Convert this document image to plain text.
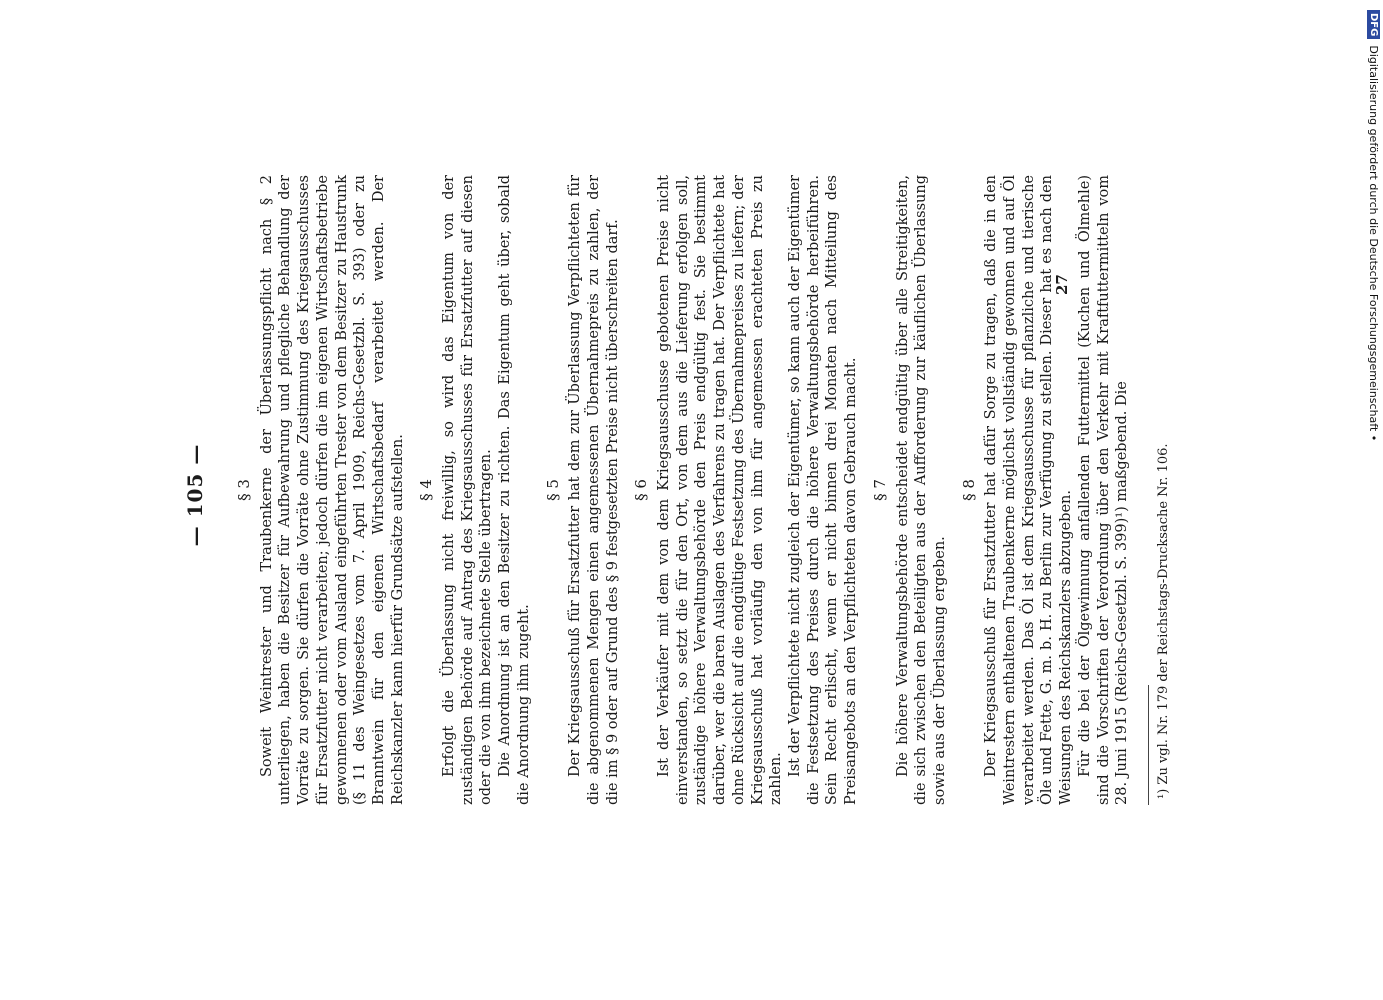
— 105 —	§ 3 Soweit Weintrester und Traubenkerne der Überlassungspflicht nach § 2 unterliegen, haben die Besitzer für Aufbewahrung und pflegliche Behandlung der Vorräte zu sorgen. Sie dürfen die Vorräte ohne Zustimmung des Kriegsausschusses für Ersatzfutter nicht verarbeiten; jedoch dürfen die im eigenen Wirtschaftsbetriebe gewonnenen oder vom Ausland eingeführten Trester von dem Besitzer zu Haustrunk (§ 11 des Weingesetzes vom 7. April 1909, Reichs-Gesetzbl. S. 393) oder zu Branntwein für den eigenen Wirtschaftsbedarf verarbeitet werden. Der Reichskanzler kann hierfür Grundsätze aufstellen. § 4 Erfolgt die Überlassung nicht freiwillig, so wird das Eigentum von der zuständigen Behörde auf Antrag des Kriegsausschusses für Ersatzfutter auf diesen oder die von ihm bezeichnete Stelle übertragen. Die Anordnung ist an den Besitzer zu richten. Das Eigentum geht über, sobald die Anordnung ihm zugeht.

§ 5 Der Kriegsausschuß für Ersatzfutter hat dem zur Überlassung Verpflichteten für die abgenommenen Mengen einen angemessenen Übernahmepreis zu zahlen, der die im § 9 oder auf Grund des § 9 festgesetzten Preise nicht überschreiten darf. § 6 Ist der Verkäufer mit dem von dem Kriegsausschusse gebotenen Preise nicht einverstanden, so setzt die für den Ort, von dem aus die Lieferung erfolgen soll, zuständige höhere Verwaltungsbehörde den Preis endgültig fest. Sie bestimmt darüber, wer die baren Auslagen des Verfahrens zu tragen hat. Der Verpflichtete hat ohne Rücksicht auf die endgültige Festsetzung des Übernahmepreises zu liefern; der Kriegsausschuß hat vorläufig den von ihm für angemessen erachteten Preis zu zahlen.

Ist der Verpflichtete nicht zugleich der Eigentümer, so kann auch der Eigentümer die Festsetzung des Preises durch die höhere Verwaltungsbehörde herbeiführen. Sein Recht erlischt, wenn er nicht binnen drei Monaten nach Mitteilung des Preisangebots an den Verpflichteten davon Gebrauch macht. § 7 Die höhere Verwaltungsbehörde entscheidet endgültig über alle Streitigkeiten, die sich zwischen den Beteiligten aus der Aufforderung zur käuflichen Überlassung sowie aus der Überlassung ergeben.

§ 8 Der Kriegsausschuß für Ersatzfutter hat dafür Sorge zu tragen, daß die in den Weintrestern enthaltenen Traubenkerne möglichst vollständig gewonnen und auf Öl verarbeitet werden. Das Öl ist dem Kriegsausschusse für pflanzliche und tierische Öle und Fette, G. m. b. H. zu Berlin zur Verfügung zu stellen. Dieser hat es nach den Weisungen des Reichskanzlers abzugeben. Für die bei der Ölgewinnung anfallenden Futtermittel (Kuchen und Ölmehle) sind die Vorschriften der Verordnung über den Verkehr mit Kraftfuttermitteln vom 28. Juni 1915 (Reichs-Gesetzbl. S. 399)¹) maßgebend. Die ¹) Zu vgl. Nr. 179 der Reichstags-Drucksache Nr. 106.
27
DFG
Digitalisierung gefördert durch die Deutsche Forschungsgemeinschaft •
